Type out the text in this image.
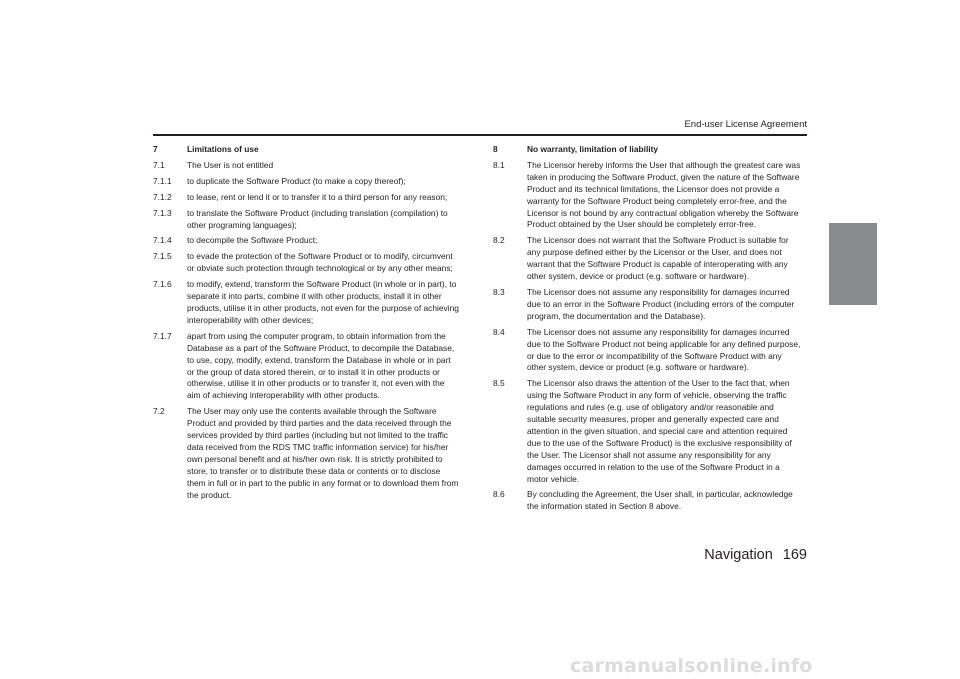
End-user License Agreement
7	Limitations of use
7.1	The User is not entitled
7.1.1	to duplicate the Software Product (to make a copy thereof);
7.1.2	to lease, rent or lend it or to transfer it to a third person for any reason;
7.1.3	to translate the Software Product (including translation (compilation) to other programing languages);
7.1.4	to decompile the Software Product;
7.1.5	to evade the protection of the Software Product or to modify, circumvent or obviate such protection through technological or by any other means;
7.1.6	to modify, extend, transform the Software Product (in whole or in part), to separate it into parts, combine it with other products, install it in other products, utilise it in other products, not even for the purpose of achieving interoperability with other devices;
7.1.7	apart from using the computer program, to obtain information from the Database as a part of the Software Product, to decompile the Database, to use, copy, modify, extend, transform the Database in whole or in part or the group of data stored therein, or to install it in other products or otherwise, utilise it in other products or to transfer it, not even with the aim of achieving interoperability with other products.
7.2	The User may only use the contents available through the Software Product and provided by third parties and the data received through the services provided by third parties (including but not limited to the traffic data received from the RDS TMC traffic information service) for his/her own personal benefit and at his/her own risk. It is strictly prohibited to store, to transfer or to distribute these data or contents or to disclose them in full or in part to the public in any format or to download them from the product.
8	No warranty, limitation of liability
8.1	The Licensor hereby informs the User that although the greatest care was taken in producing the Software Product, given the nature of the Software Product and its technical limitations, the Licensor does not provide a warranty for the Software Product being completely error-free, and the Licensor is not bound by any contractual obligation whereby the Software Product obtained by the User should be completely error-free.
8.2	The Licensor does not warrant that the Software Product is suitable for any purpose defined either by the Licensor or the User, and does not warrant that the Software Product is capable of interoperating with any other system, device or product (e.g. software or hardware).
8.3	The Licensor does not assume any responsibility for damages incurred due to an error in the Software Product (including errors of the computer program, the documentation and the Database).
8.4	The Licensor does not assume any responsibility for damages incurred due to the Software Product not being applicable for any defined purpose, or due to the error or incompatibility of the Software Product with any other system, device or product (e.g. software or hardware).
8.5	The Licensor also draws the attention of the User to the fact that, when using the Software Product in any form of vehicle, observing the traffic regulations and rules (e.g. use of obligatory and/or reasonable and suitable security measures, proper and generally expected care and attention in the given situation, and special care and attention required due to the use of the Software Product) is the exclusive responsibility of the User. The Licensor shall not assume any responsibility for any damages occurred in relation to the use of the Software Product in a motor vehicle.
8.6	By concluding the Agreement, the User shall, in particular, acknowledge the information stated in Section 8 above.
Navigation 169
carmanualsonline.info
